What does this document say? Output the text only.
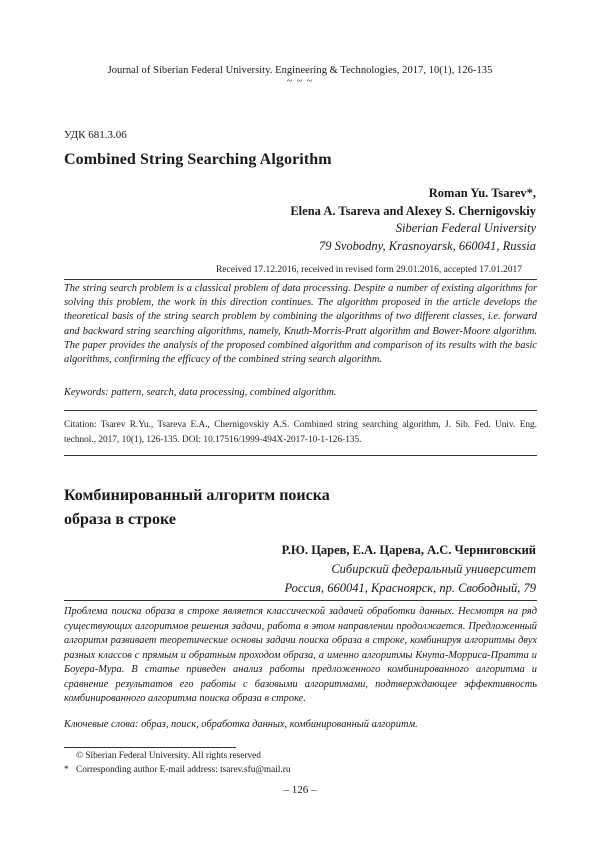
Journal of Siberian Federal University. Engineering & Technologies, 2017, 10(1), 126-135
~ ~ ~
УДК 681.3.06
Combined String Searching Algorithm
Roman Yu. Tsarev*,
Elena A. Tsareva and Alexey S. Chernigovskiy
Siberian Federal University
79 Svobodny, Krasnoyarsk, 660041, Russia
Received 17.12.2016, received in revised form 29.01.2016, accepted 17.01.2017
The string search problem is a classical problem of data processing. Despite a number of existing algorithms for solving this problem, the work in this direction continues. The algorithm proposed in the article develops the theoretical basis of the string search problem by combining the algorithms of two different classes, i.e. forward and backward string searching algorithms, namely, Knuth-Morris-Pratt algorithm and Bower-Moore algorithm. The paper provides the analysis of the proposed combined algorithm and comparison of its results with the basic algorithms, confirming the efficacy of the combined string search algorithm.
Keywords: pattern, search, data processing, combined algorithm.
Citation: Tsarev R.Yu., Tsareva E.A., Chernigovskiy A.S. Combined string searching algorithm, J. Sib. Fed. Univ. Eng. technol., 2017, 10(1), 126-135. DOI: 10.17516/1999-494X-2017-10-1-126-135.
Комбинированный алгоритм поиска
образа в строке
Р.Ю. Царев, Е.А. Царева, А.С. Черниговский
Сибирский федеральный университет
Россия, 660041, Красноярск, пр. Свободный, 79
Проблема поиска образа в строке является классической задачей обработки данных. Несмотря на ряд существующих алгоритмов решения задачи, работа в этом направлении продолжается. Предложенный алгоритм развивает теоретические основы задачи поиска образа в строке, комбинируя алгоритмы двух разных классов с прямым и обратным проходом образа, а именно алгоритмы Кнута-Морриса-Пратта и Боуера-Мура. В статье приведен анализ работы предложенного комбинированного алгоритма и сравнение результатов его работы с базовыми алгоритмами, подтверждающее эффективность комбинированного алгоритма поиска образа в строке.
Ключевые слова: образ, поиск, обработка данных, комбинированный алгоритм.
© Siberian Federal University. All rights reserved
* Corresponding author E-mail address: tsarev.sfu@mail.ru
– 126 –
